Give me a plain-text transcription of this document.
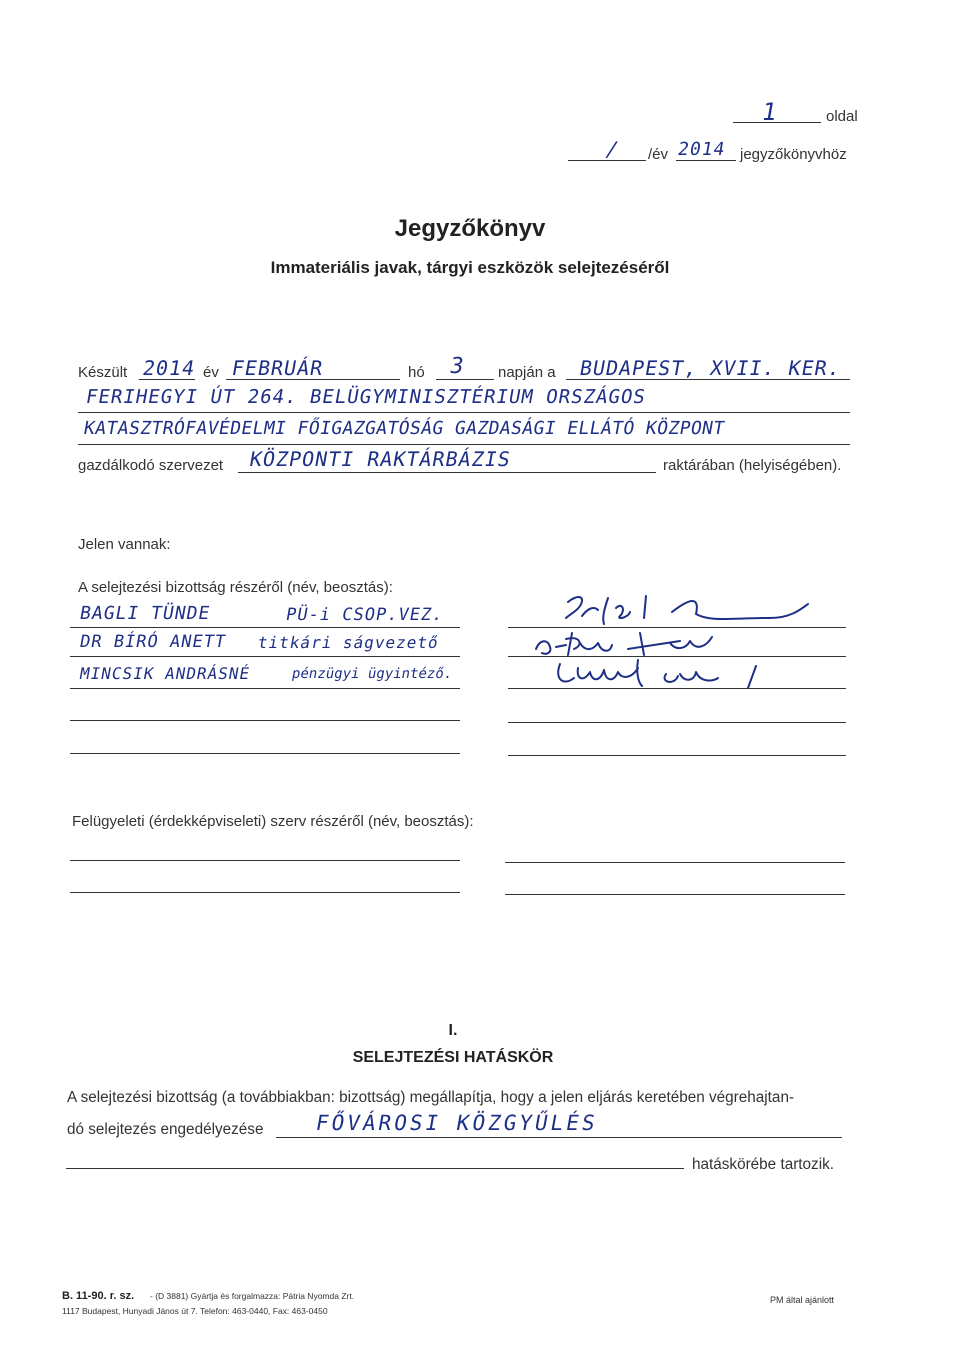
1	oldal
/ /év 2014 jegyzőkönyvhöz
Jegyzőkönyv
Immateriális javak, tárgyi eszközök selejtezéséről
Készült 2014 év FEBRUÁR	hó 3 napján a BUDAPEST, XVII. KER.
FERIHEGYI ÚT 264. BELÜGYMINISZTÉRIUM ORSZÁGOS
KATASZTRÓFAVÉDELMI FŐIGAZGATÓSÁG GAZDASÁGI ELLÁTÓ KÖZPONT
gazdálkodó szervezet KÖZPONTI RAKTÁRBÁZIS	raktárában (helyiségében).
Jelen vannak:
A selejtezési bizottság részéről (név, beosztás):
BAGLI TÜNDE	PÜ-i CSOP.VEZ.
DR BÍRÓ ANETT titkári ságvezető
MINCSIK ANDRÁSNÉ	pénzügyi ügyintéző.
Felügyeleti (érdekképviseleti) szerv részéről (név, beosztás):
I.
SELEJTEZÉSI HATÁSKÖR
A selejtezési bizottság (a továbbiakban: bizottság) megállapítja, hogy a jelen eljárás keretében végrehajtan-
dó selejtezés engedélyezése FŐVÁROSI KÖZGYŰLÉS
hatáskörébe tartozik.
B. 11-90. r. sz. - (D 3881) Gyártja és forgalmazza: Pátria Nyomda Zrt.
1117 Budapest, Hunyadi János út 7. Telefon: 463-0440, Fax: 463-0450
PM által ajánlott
